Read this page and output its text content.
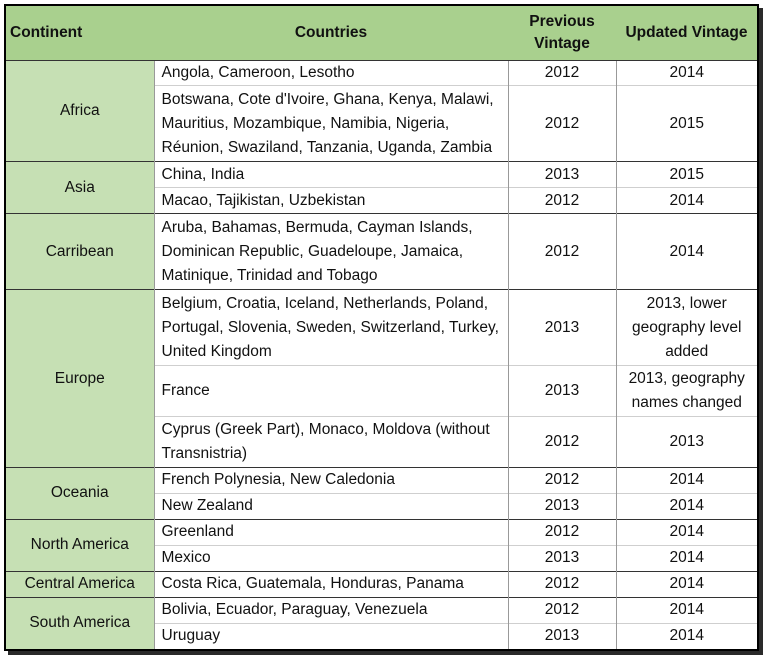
Continent	Countries	Previous Vintage	Updated Vintage
Africa	Angola, Cameroon, Lesotho	2012	2014
	Botswana, Cote d'Ivoire, Ghana, Kenya, Malawi, Mauritius, Mozambique, Namibia, Nigeria, Réunion, Swaziland, Tanzania, Uganda, Zambia	2012	2015
Asia	China, India	2013	2015
	Macao, Tajikistan, Uzbekistan	2012	2014
Carribean	Aruba, Bahamas, Bermuda, Cayman Islands, Dominican Republic, Guadeloupe, Jamaica, Matinique, Trinidad and Tobago	2012	2014
Europe	Belgium, Croatia, Iceland, Netherlands, Poland, Portugal, Slovenia, Sweden, Switzerland, Turkey, United Kingdom	2013	2013, lower geography level added
	France	2013	2013, geography names changed
	Cyprus (Greek Part), Monaco, Moldova (without Transnistria)	2012	2013
Oceania	French Polynesia, New Caledonia	2012	2014
	New Zealand	2013	2014
North America	Greenland	2012	2014
	Mexico	2013	2014
Central America	Costa Rica, Guatemala, Honduras, Panama	2012	2014
South America	Bolivia, Ecuador, Paraguay, Venezuela	2012	2014
	Uruguay	2013	2014
